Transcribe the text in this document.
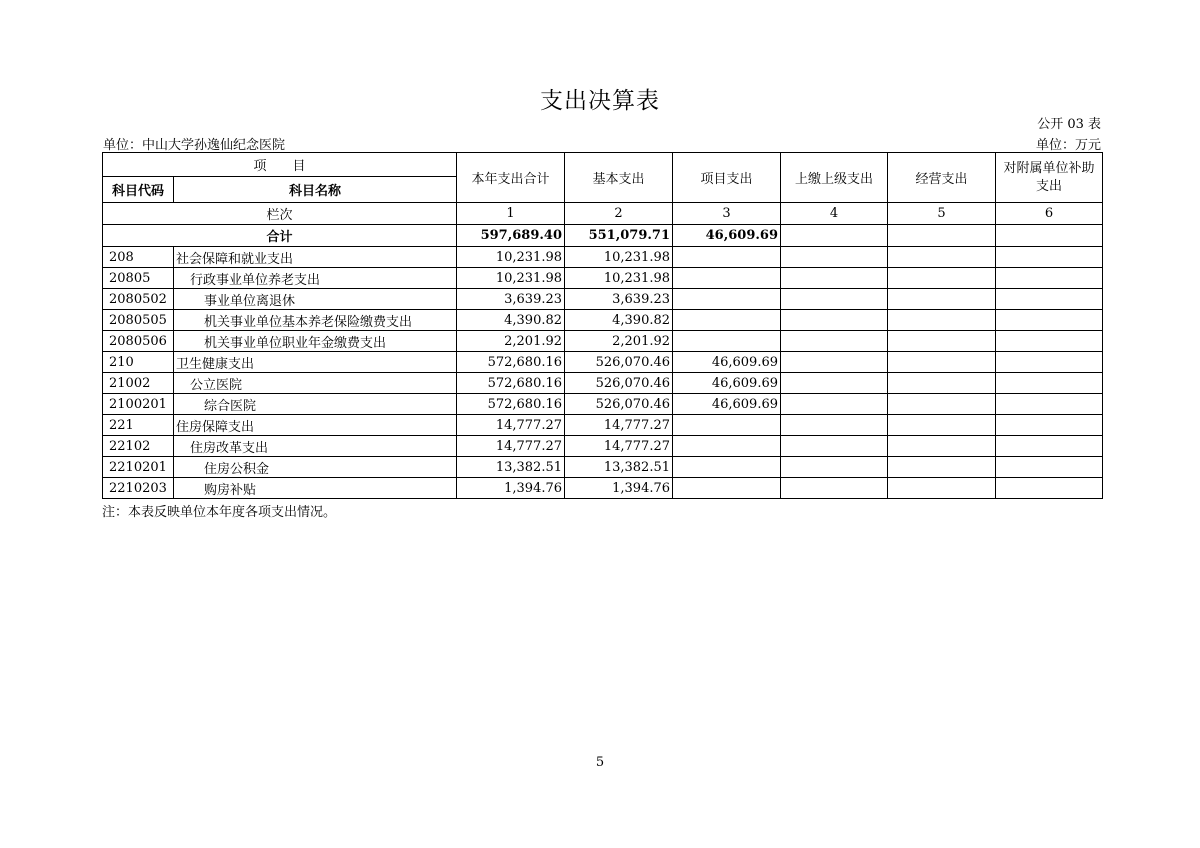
支出决算表
公开 03 表
单位：中山大学孙逸仙纪念医院	单位：万元
项　　目		本年支出合计	基本支出	项目支出	上缴上级支出	经营支出	对附属单位补助支出
科目代码	科目名称						
栏次		1	2	3	4	5	6
合计		597,689.40	551,079.71	46,609.69			
208	社会保障和就业支出	10,231.98	10,231.98				
20805	行政事业单位养老支出	10,231.98	10,231.98				
2080502	事业单位离退休	3,639.23	3,639.23				
2080505	机关事业单位基本养老保险缴费支出	4,390.82	4,390.82				
2080506	机关事业单位职业年金缴费支出	2,201.92	2,201.92				
210	卫生健康支出	572,680.16	526,070.46	46,609.69			
21002	公立医院	572,680.16	526,070.46	46,609.69			
2100201	综合医院	572,680.16	526,070.46	46,609.69			
221	住房保障支出	14,777.27	14,777.27				
22102	住房改革支出	14,777.27	14,777.27				
2210201	住房公积金	13,382.51	13,382.51				
2210203	购房补贴	1,394.76	1,394.76				
注：本表反映单位本年度各项支出情况。
5
